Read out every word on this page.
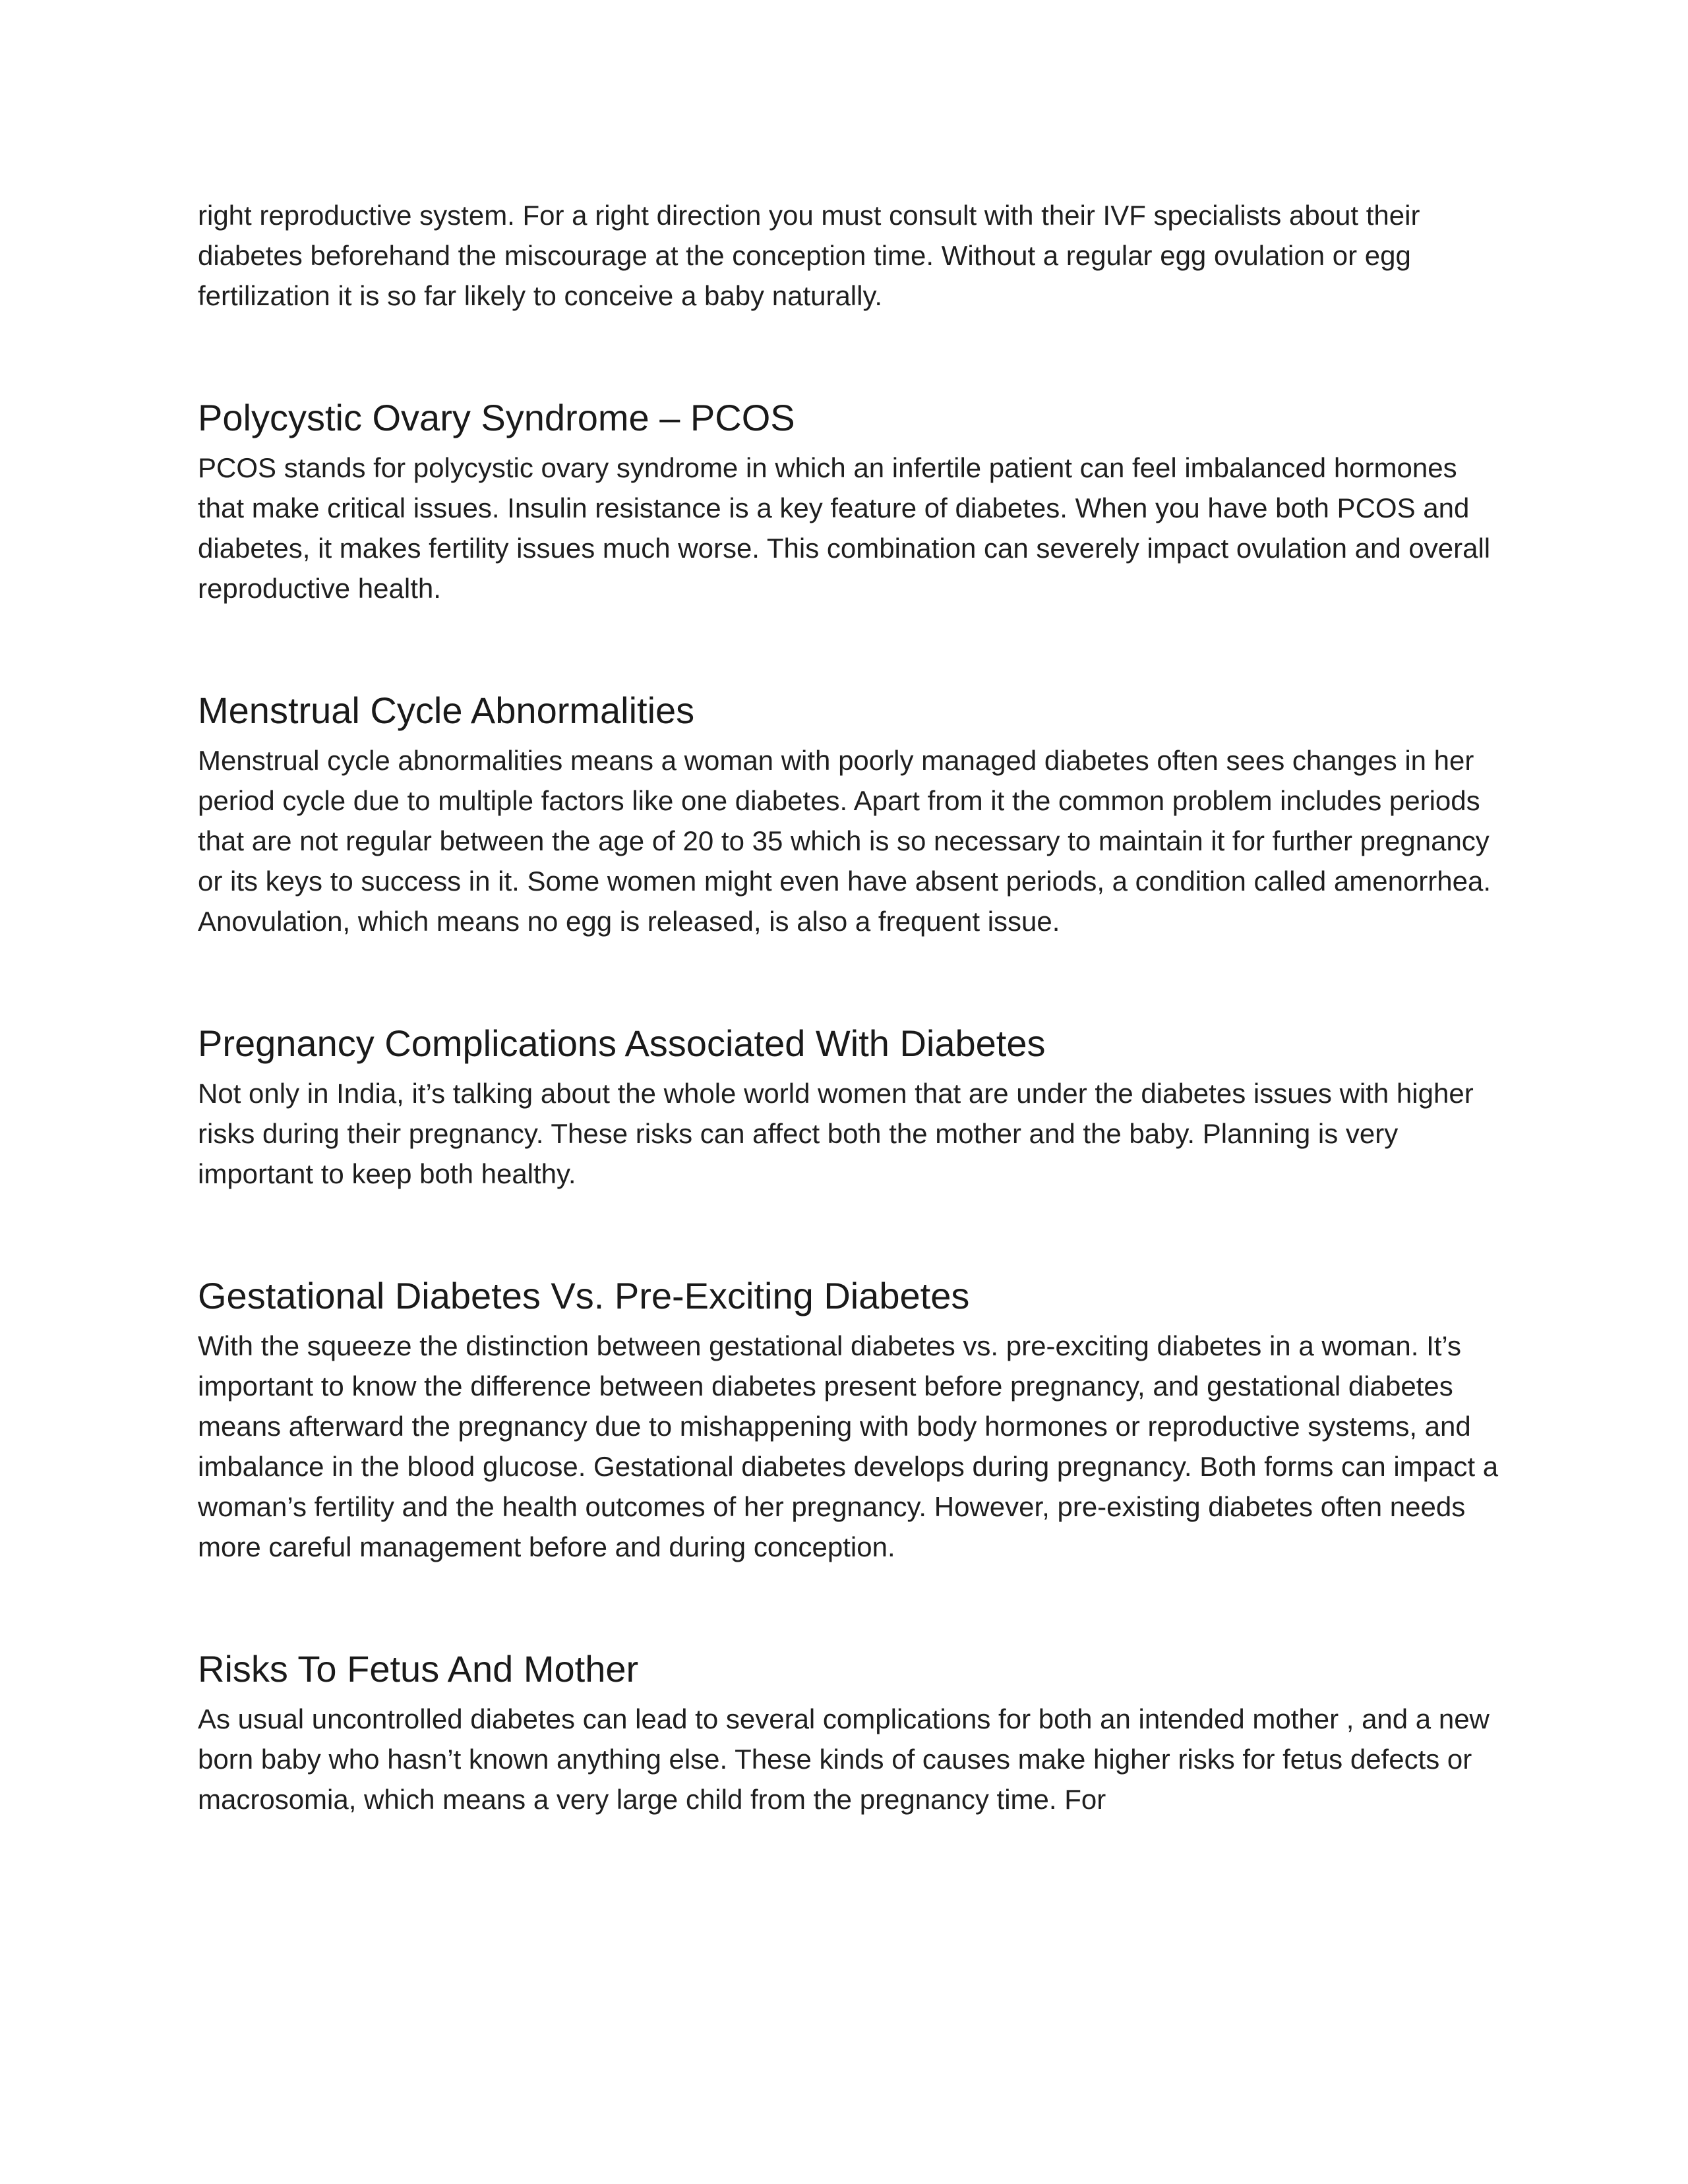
right reproductive system. For a right direction you must consult with their IVF specialists about their diabetes beforehand the miscourage at the conception time. Without a regular egg ovulation or egg fertilization it is so far likely to conceive a baby naturally.

Polycystic Ovary Syndrome – PCOS

PCOS stands for polycystic ovary syndrome in which an infertile patient can feel imbalanced hormones that make critical issues. Insulin resistance is a key feature of diabetes. When you have both PCOS and diabetes, it makes fertility issues much worse. This combination can severely impact ovulation and overall reproductive health.

Menstrual Cycle Abnormalities

Menstrual cycle abnormalities means a woman with poorly managed diabetes often sees changes in her period cycle due to multiple factors like one diabetes. Apart from it the common problem includes periods that are not regular between the age of 20 to 35 which is so necessary to maintain it for further pregnancy or its keys to success in it. Some women might even have absent periods, a condition called amenorrhea. Anovulation, which means no egg is released, is also a frequent issue.

Pregnancy Complications Associated With Diabetes

Not only in India, it’s talking about the whole world women that are under the diabetes issues with higher risks during their pregnancy. These risks can affect both the mother and the baby. Planning is very important to keep both healthy.

Gestational Diabetes Vs. Pre-Exciting Diabetes

With the squeeze the distinction between gestational diabetes vs. pre-exciting diabetes in a woman. It’s important to know the difference between diabetes present before pregnancy, and gestational diabetes means afterward the pregnancy due to mishappening with body hormones or reproductive systems, and imbalance in the blood glucose. Gestational diabetes develops during pregnancy. Both forms can impact a woman’s fertility and the health outcomes of her pregnancy. However, pre-existing diabetes often needs more careful management before and during conception.

Risks To Fetus And Mother

As usual uncontrolled diabetes can lead to several complications for both an intended mother , and a new born baby who hasn’t known anything else. These kinds of causes make higher risks for fetus defects or macrosomia, which means a very large child from the pregnancy time. For
